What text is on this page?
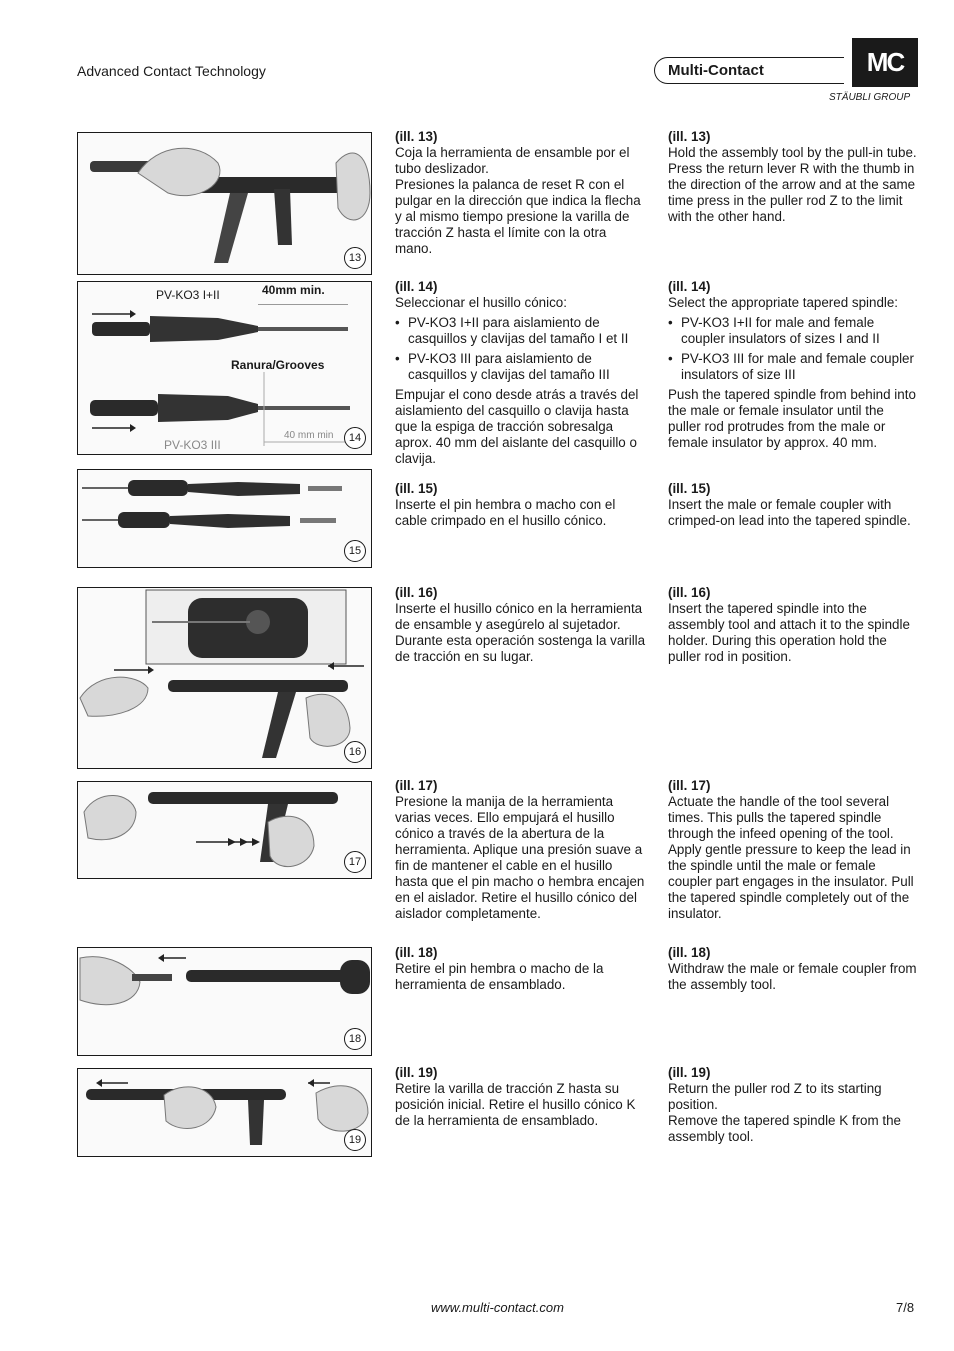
Advanced Contact Technology	Multi-Contact	MC
STÄUBLI GROUP
13
PV-KO3 I+II	40mm min.
Ranura/Grooves
40 mm min
PV-KO3 III	14
15
16
17
18
19

(ill. 13)

Coja la herramienta de ensamble por el tubo deslizador.

Presiones la palanca de reset R con el pulgar en la dirección que indica la flecha y al mismo tiempo presione la varilla de tracción Z hasta el límite con la otra mano.

(ill. 13)

Hold the assembly tool by the pull-in tube.

Press the return lever R with the thumb in the direction of the arrow and at the same time press in the puller rod Z to the limit with the other hand.

(ill. 14)

Seleccionar el husillo cónico:

• PV-KO3 I+II para aislamiento de casquillos y clavijas del tamaño I et II
• PV-KO3 III para aislamiento de casquillos y clavijas del tamaño III

Empujar el cono desde atrás a través del aislamiento del casquillo o clavija hasta que la espiga de tracción sobresalga aprox. 40 mm del aislante del casquillo o clavija.

(ill. 14)

Select the appropriate tapered spindle:

• PV-KO3 I+II for male and female coupler insulators of sizes I and II
• PV-KO3 III for male and female coupler insulators of size III

Push the tapered spindle from behind into the male or female insulator until the puller rod protrudes from the male or female insulator by approx. 40 mm.

(ill. 15)

Inserte el pin hembra o macho con el cable crimpado en el husillo cónico.

(ill. 15)

Insert the male or female coupler with crimped-on lead into the tapered spindle.

(ill. 16)

Inserte el husillo cónico en la herramienta de ensamble y asegúrelo al sujetador. Durante esta operación sostenga la varilla de tracción en su lugar.

(ill. 16)

Insert the tapered spindle into the assembly tool and attach it to the spindle holder. During this operation hold the puller rod in position.

(ill. 17)

Presione la manija de la herramienta varias veces. Ello empujará el husillo cónico a través de la abertura de la herramienta. Aplique una presión suave a fin de mantener el cable en el husillo hasta que el pin macho o hembra encajen en el aislador. Retire el husillo cónico del aislador completamente.

(ill. 17)

Actuate the handle of the tool several times. This pulls the tapered spindle through the infeed opening of the tool. Apply gentle pressure to keep the lead in the spindle until the male or female coupler part engages in the insulator. Pull the tapered spindle completely out of the insulator.

(ill. 18)

Retire el pin hembra o macho de la herramienta de ensamblado.

(ill. 18)

Withdraw the male or female coupler from the assembly tool.

(ill. 19)

Retire la varilla de tracción Z hasta su posición inicial. Retire el husillo cónico K de la herramienta de ensamblado.

(ill. 19)

Return the puller rod Z to its starting position.

Remove the tapered spindle K from the assembly tool.

www.multi-contact.com	7/8
